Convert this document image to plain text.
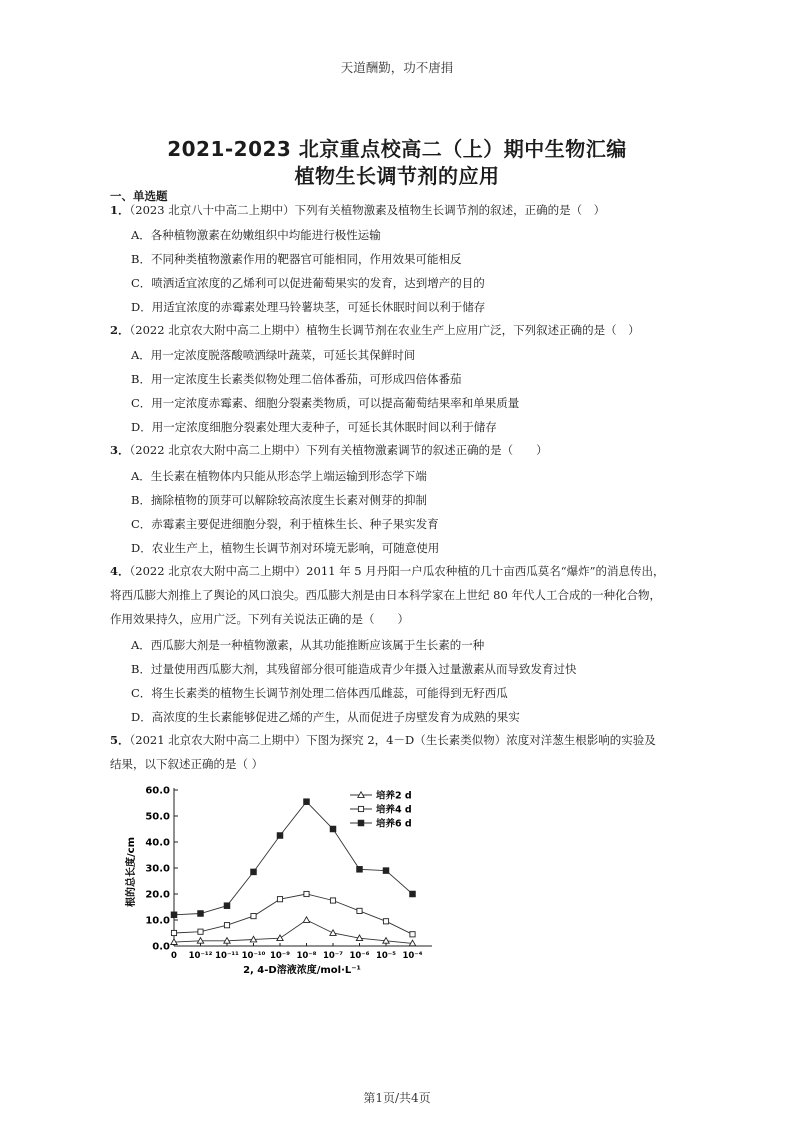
天道酬勤，功不唐捐
2021-2023 北京重点校高二（上）期中生物汇编
植物生长调节剂的应用
一、单选题
1．（2023 北京八十中高二上期中）下列有关植物激素及植物生长调节剂的叙述，正确的是（　）
A．各种植物激素在幼嫩组织中均能进行极性运输
B．不同种类植物激素作用的靶器官可能相同，作用效果可能相反
C．喷洒适宜浓度的乙烯利可以促进葡萄果实的发育，达到增产的目的
D．用适宜浓度的赤霉素处理马铃薯块茎，可延长休眠时间以利于储存
2．（2022 北京农大附中高二上期中）植物生长调节剂在农业生产上应用广泛，下列叙述正确的是（　）
A．用一定浓度脱落酸喷洒绿叶蔬菜，可延长其保鲜时间
B．用一定浓度生长素类似物处理二倍体番茄，可形成四倍体番茄
C．用一定浓度赤霉素、细胞分裂素类物质，可以提高葡萄结果率和单果质量
D．用一定浓度细胞分裂素处理大麦种子，可延长其休眠时间以利于储存
3．（2022 北京农大附中高二上期中）下列有关植物激素调节的叙述正确的是（　　）
A．生长素在植物体内只能从形态学上端运输到形态学下端
B．摘除植物的顶芽可以解除较高浓度生长素对侧芽的抑制
C．赤霉素主要促进细胞分裂，利于植株生长、种子果实发育
D．农业生产上，植物生长调节剂对环境无影响，可随意使用
4．（2022 北京农大附中高二上期中）2011 年 5 月丹阳一户瓜农种植的几十亩西瓜莫名“爆炸”的消息传出，
将西瓜膨大剂推上了舆论的风口浪尖。西瓜膨大剂是由日本科学家在上世纪 80 年代人工合成的一种化合物，
作用效果持久，应用广泛。下列有关说法正确的是（　　）
A．西瓜膨大剂是一种植物激素，从其功能推断应该属于生长素的一种
B．过量使用西瓜膨大剂，其残留部分很可能造成青少年摄入过量激素从而导致发育过快
C．将生长素类的植物生长调节剂处理二倍体西瓜雌蕊，可能得到无籽西瓜
D．高浓度的生长素能够促进乙烯的产生，从而促进子房壁发育为成熟的果实
5．（2021 北京农大附中高二上期中）下图为探究 2，4－D（生长素类似物）浓度对洋葱生根影响的实验及
结果，以下叙述正确的是（ ）
0.0
10.0
20.0
30.0
40.0
50.0
60.0
0 10⁻¹² 10⁻¹¹ 10⁻¹⁰ 10⁻⁹ 10⁻⁸ 10⁻⁷ 10⁻⁶ 10⁻⁵ 10⁻⁴
培养2 d
培养4 d
培养6 d
根的总长度/cm
2, 4-D溶液浓度/mol·L⁻¹
第1页/共4页
